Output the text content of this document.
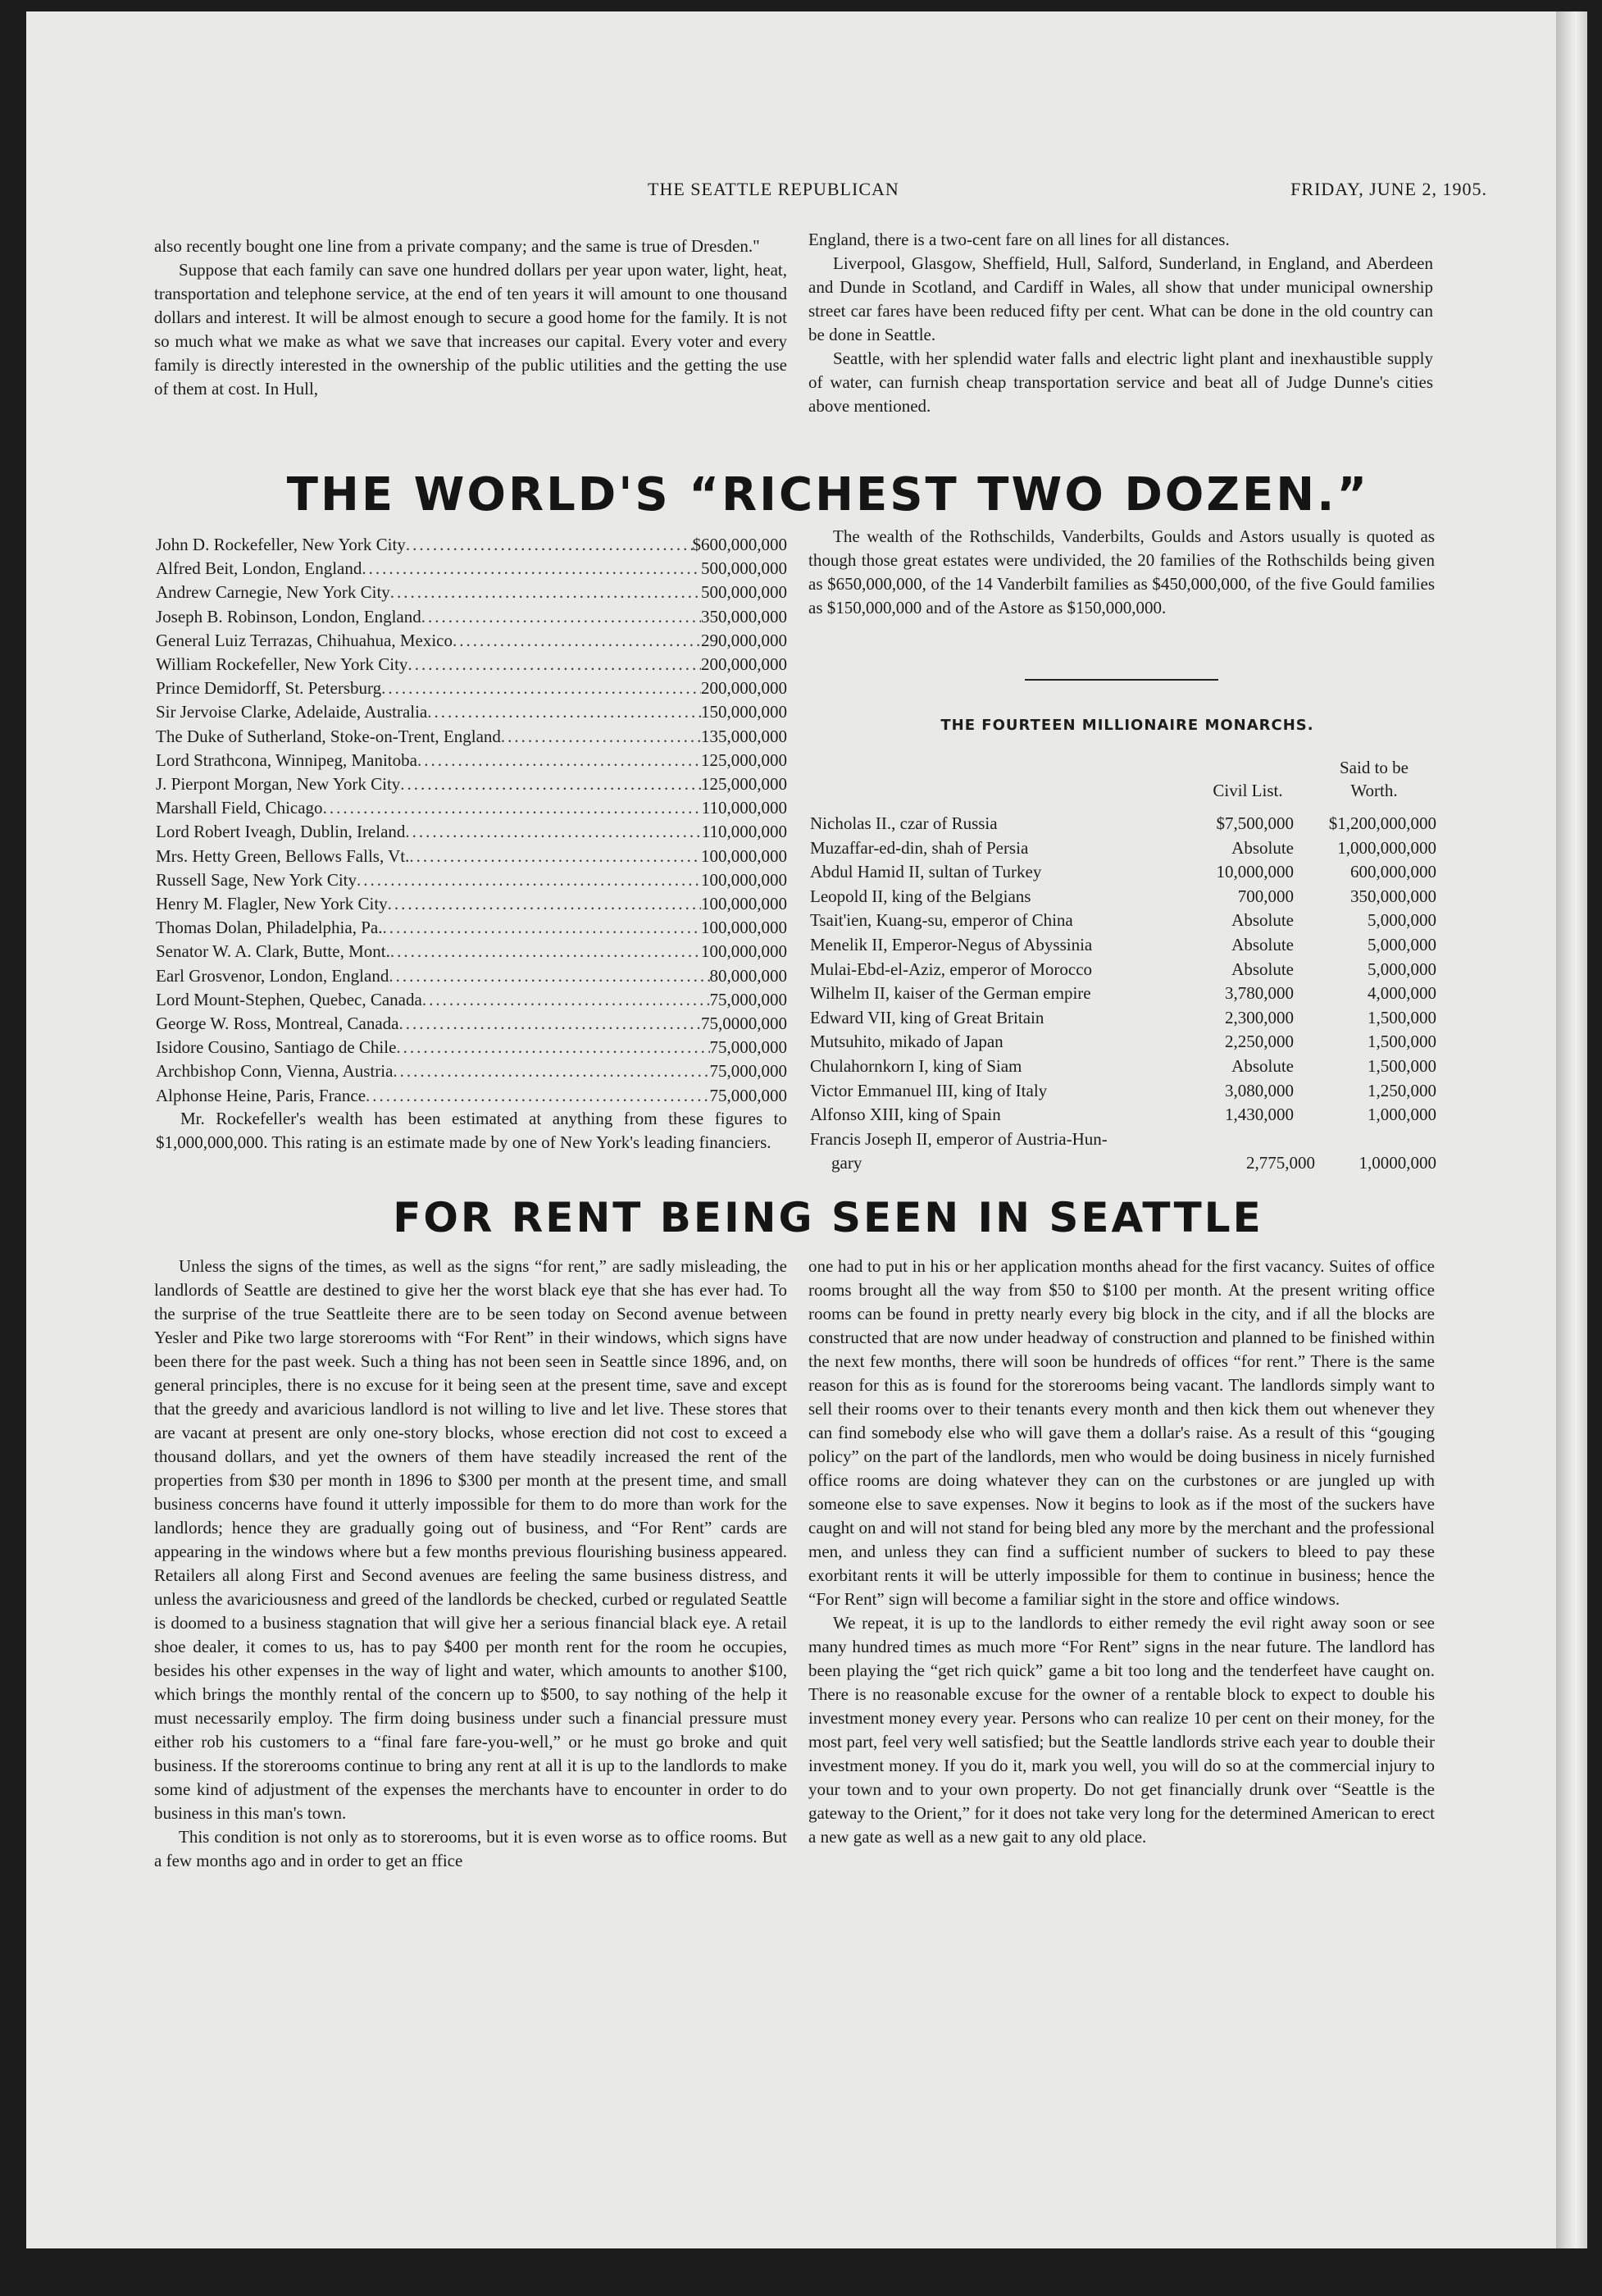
THE SEATTLE REPUBLICAN	FRIDAY, JUNE 2, 1905.

also recently bought one line from a private company; and the same is true of Dresden."

Suppose that each family can save one hundred dollars per year upon water, light, heat, transportation and telephone service, at the end of ten years it will amount to one thousand dollars and interest. It will be almost enough to secure a good home for the family. It is not so much what we make as what we save that increases our capital. Every voter and every family is directly interested in the ownership of the public utilities and the getting the use of them at cost. In Hull,

England, there is a two-cent fare on all lines for all distances.

Liverpool, Glasgow, Sheffield, Hull, Salford, Sunderland, in England, and Aberdeen and Dunde in Scotland, and Cardiff in Wales, all show that under municipal ownership street car fares have been reduced fifty per cent. What can be done in the old country can be done in Seattle.

Seattle, with her splendid water falls and electric light plant and inexhaustible supply of water, can furnish cheap transportation service and beat all of Judge Dunne's cities above mentioned.

THE WORLD'S “RICHEST TWO DOZEN.”
John D. Rockefeller, New York City .....	$600,000,000
Alfred Beit, London, England .....	500,000,000
Andrew Carnegie, New York City .....	500,000,000
Joseph B. Robinson, London, England .....	350,000,000
General Luiz Terrazas, Chihuahua, Mexico .....	290,000,000
William Rockefeller, New York City .....	200,000,000
Prince Demidorff, St. Petersburg .....	200,000,000
Sir Jervoise Clarke, Adelaide, Australia .....	150,000,000
The Duke of Sutherland, Stoke-on-Trent, England .....	135,000,000
Lord Strathcona, Winnipeg, Manitoba .....	125,000,000
J. Pierpont Morgan, New York City .....	125,000,000
Marshall Field, Chicago .....	110,000,000
Lord Robert Iveagh, Dublin, Ireland .....	110,000,000
Mrs. Hetty Green, Bellows Falls, Vt. .....	100,000,000
Russell Sage, New York City .....	100,000,000
Henry M. Flagler, New York City .....	100,000,000
Thomas Dolan, Philadelphia, Pa. .....	100,000,000
Senator W. A. Clark, Butte, Mont. .....	100,000,000
Earl Grosvenor, London, England .....	80,000,000
Lord Mount-Stephen, Quebec, Canada .....	75,000,000
George W. Ross, Montreal, Canada .....	75,0000,000
Isidore Cousino, Santiago de Chile .....	75,000,000
Archbishop Conn, Vienna, Austria .....	75,000,000
Alphonse Heine, Paris, France .....	75,000,000

Mr. Rockefeller's wealth has been estimated at anything from these figures to $1,000,000,000. This rating is an estimate made by one of New York's leading financiers.

The wealth of the Rothschilds, Vanderbilts, Goulds and Astors usually is quoted as though those great estates were undivided, the 20 families of the Rothschilds being given as $650,000,000, of the 14 Vanderbilt families as $450,000,000, of the five Gould families as $150,000,000 and of the Astore as $150,000,000.

THE FOURTEEN MILLIONAIRE MONARCHS.
Civil List.
Said to be
Worth.
Nicholas II., czar of Russia	$7,500,000	$1,200,000,000
Muzaffar-ed-din, shah of Persia	Absolute	1,000,000,000
Abdul Hamid II, sultan of Turkey	10,000,000	600,000,000
Leopold II, king of the Belgians	700,000	350,000,000
Tsait'ien, Kuang-su, emperor of China	Absolute	5,000,000
Menelik II, Emperor-Negus of Abyssinia	Absolute	5,000,000
Mulai-Ebd-el-Aziz, emperor of Morocco	Absolute	5,000,000
Wilhelm II, kaiser of the German empire	3,780,000	4,000,000
Edward VII, king of Great Britain	2,300,000	1,500,000
Mutsuhito, mikado of Japan	2,250,000	1,500,000
Chulahornkorn I, king of Siam	Absolute	1,500,000
Victor Emmanuel III, king of Italy	3,080,000	1,250,000
Alfonso XIII, king of Spain	1,430,000	1,000,000
Francis Joseph II, emperor of Austria-Hun-
gary	2,775,000	1,0000,000
FOR RENT BEING SEEN IN SEATTLE

Unless the signs of the times, as well as the signs “for rent,” are sadly misleading, the landlords of Seattle are destined to give her the worst black eye that she has ever had. To the surprise of the true Seattleite there are to be seen today on Second avenue between Yesler and Pike two large storerooms with “For Rent” in their windows, which signs have been there for the past week. Such a thing has not been seen in Seattle since 1896, and, on general principles, there is no excuse for it being seen at the present time, save and except that the greedy and avaricious landlord is not willing to live and let live. These stores that are vacant at present are only one-story blocks, whose erection did not cost to exceed a thousand dollars, and yet the owners of them have steadily increased the rent of the properties from $30 per month in 1896 to $300 per month at the present time, and small business concerns have found it utterly impossible for them to do more than work for the landlords; hence they are gradually going out of business, and “For Rent” cards are appearing in the windows where but a few months previous flourishing business appeared. Retailers all along First and Second avenues are feeling the same business distress, and unless the avariciousness and greed of the landlords be checked, curbed or regulated Seattle is doomed to a business stagnation that will give her a serious financial black eye. A retail shoe dealer, it comes to us, has to pay $400 per month rent for the room he occupies, besides his other expenses in the way of light and water, which amounts to another $100, which brings the monthly rental of the concern up to $500, to say nothing of the help it must necessarily employ. The firm doing business under such a financial pressure must either rob his customers to a “final fare fare-you-well,” or he must go broke and quit business. If the storerooms continue to bring any rent at all it is up to the landlords to make some kind of adjustment of the expenses the merchants have to encounter in order to do business in this man's town.

This condition is not only as to storerooms, but it is even worse as to office rooms. But a few months ago and in order to get an ffice

one had to put in his or her application months ahead for the first vacancy. Suites of office rooms brought all the way from $50 to $100 per month. At the present writing office rooms can be found in pretty nearly every big block in the city, and if all the blocks are constructed that are now under headway of construction and planned to be finished within the next few months, there will soon be hundreds of offices “for rent.” There is the same reason for this as is found for the storerooms being vacant. The landlords simply want to sell their rooms over to their tenants every month and then kick them out whenever they can find somebody else who will gave them a dollar's raise. As a result of this “gouging policy” on the part of the landlords, men who would be doing business in nicely furnished office rooms are doing whatever they can on the curbstones or are jungled up with someone else to save expenses. Now it begins to look as if the most of the suckers have caught on and will not stand for being bled any more by the merchant and the professional men, and unless they can find a sufficient number of suckers to bleed to pay these exorbitant rents it will be utterly impossible for them to continue in business; hence the “For Rent” sign will become a familiar sight in the store and office windows.

We repeat, it is up to the landlords to either remedy the evil right away soon or see many hundred times as much more “For Rent” signs in the near future. The landlord has been playing the “get rich quick” game a bit too long and the tenderfeet have caught on. There is no reasonable excuse for the owner of a rentable block to expect to double his investment money every year. Persons who can realize 10 per cent on their money, for the most part, feel very well satisfied; but the Seattle landlords strive each year to double their investment money. If you do it, mark you well, you will do so at the commercial injury to your town and to your own property. Do not get financially drunk over “Seattle is the gateway to the Orient,” for it does not take very long for the determined American to erect a new gate as well as a new gait to any old place.
